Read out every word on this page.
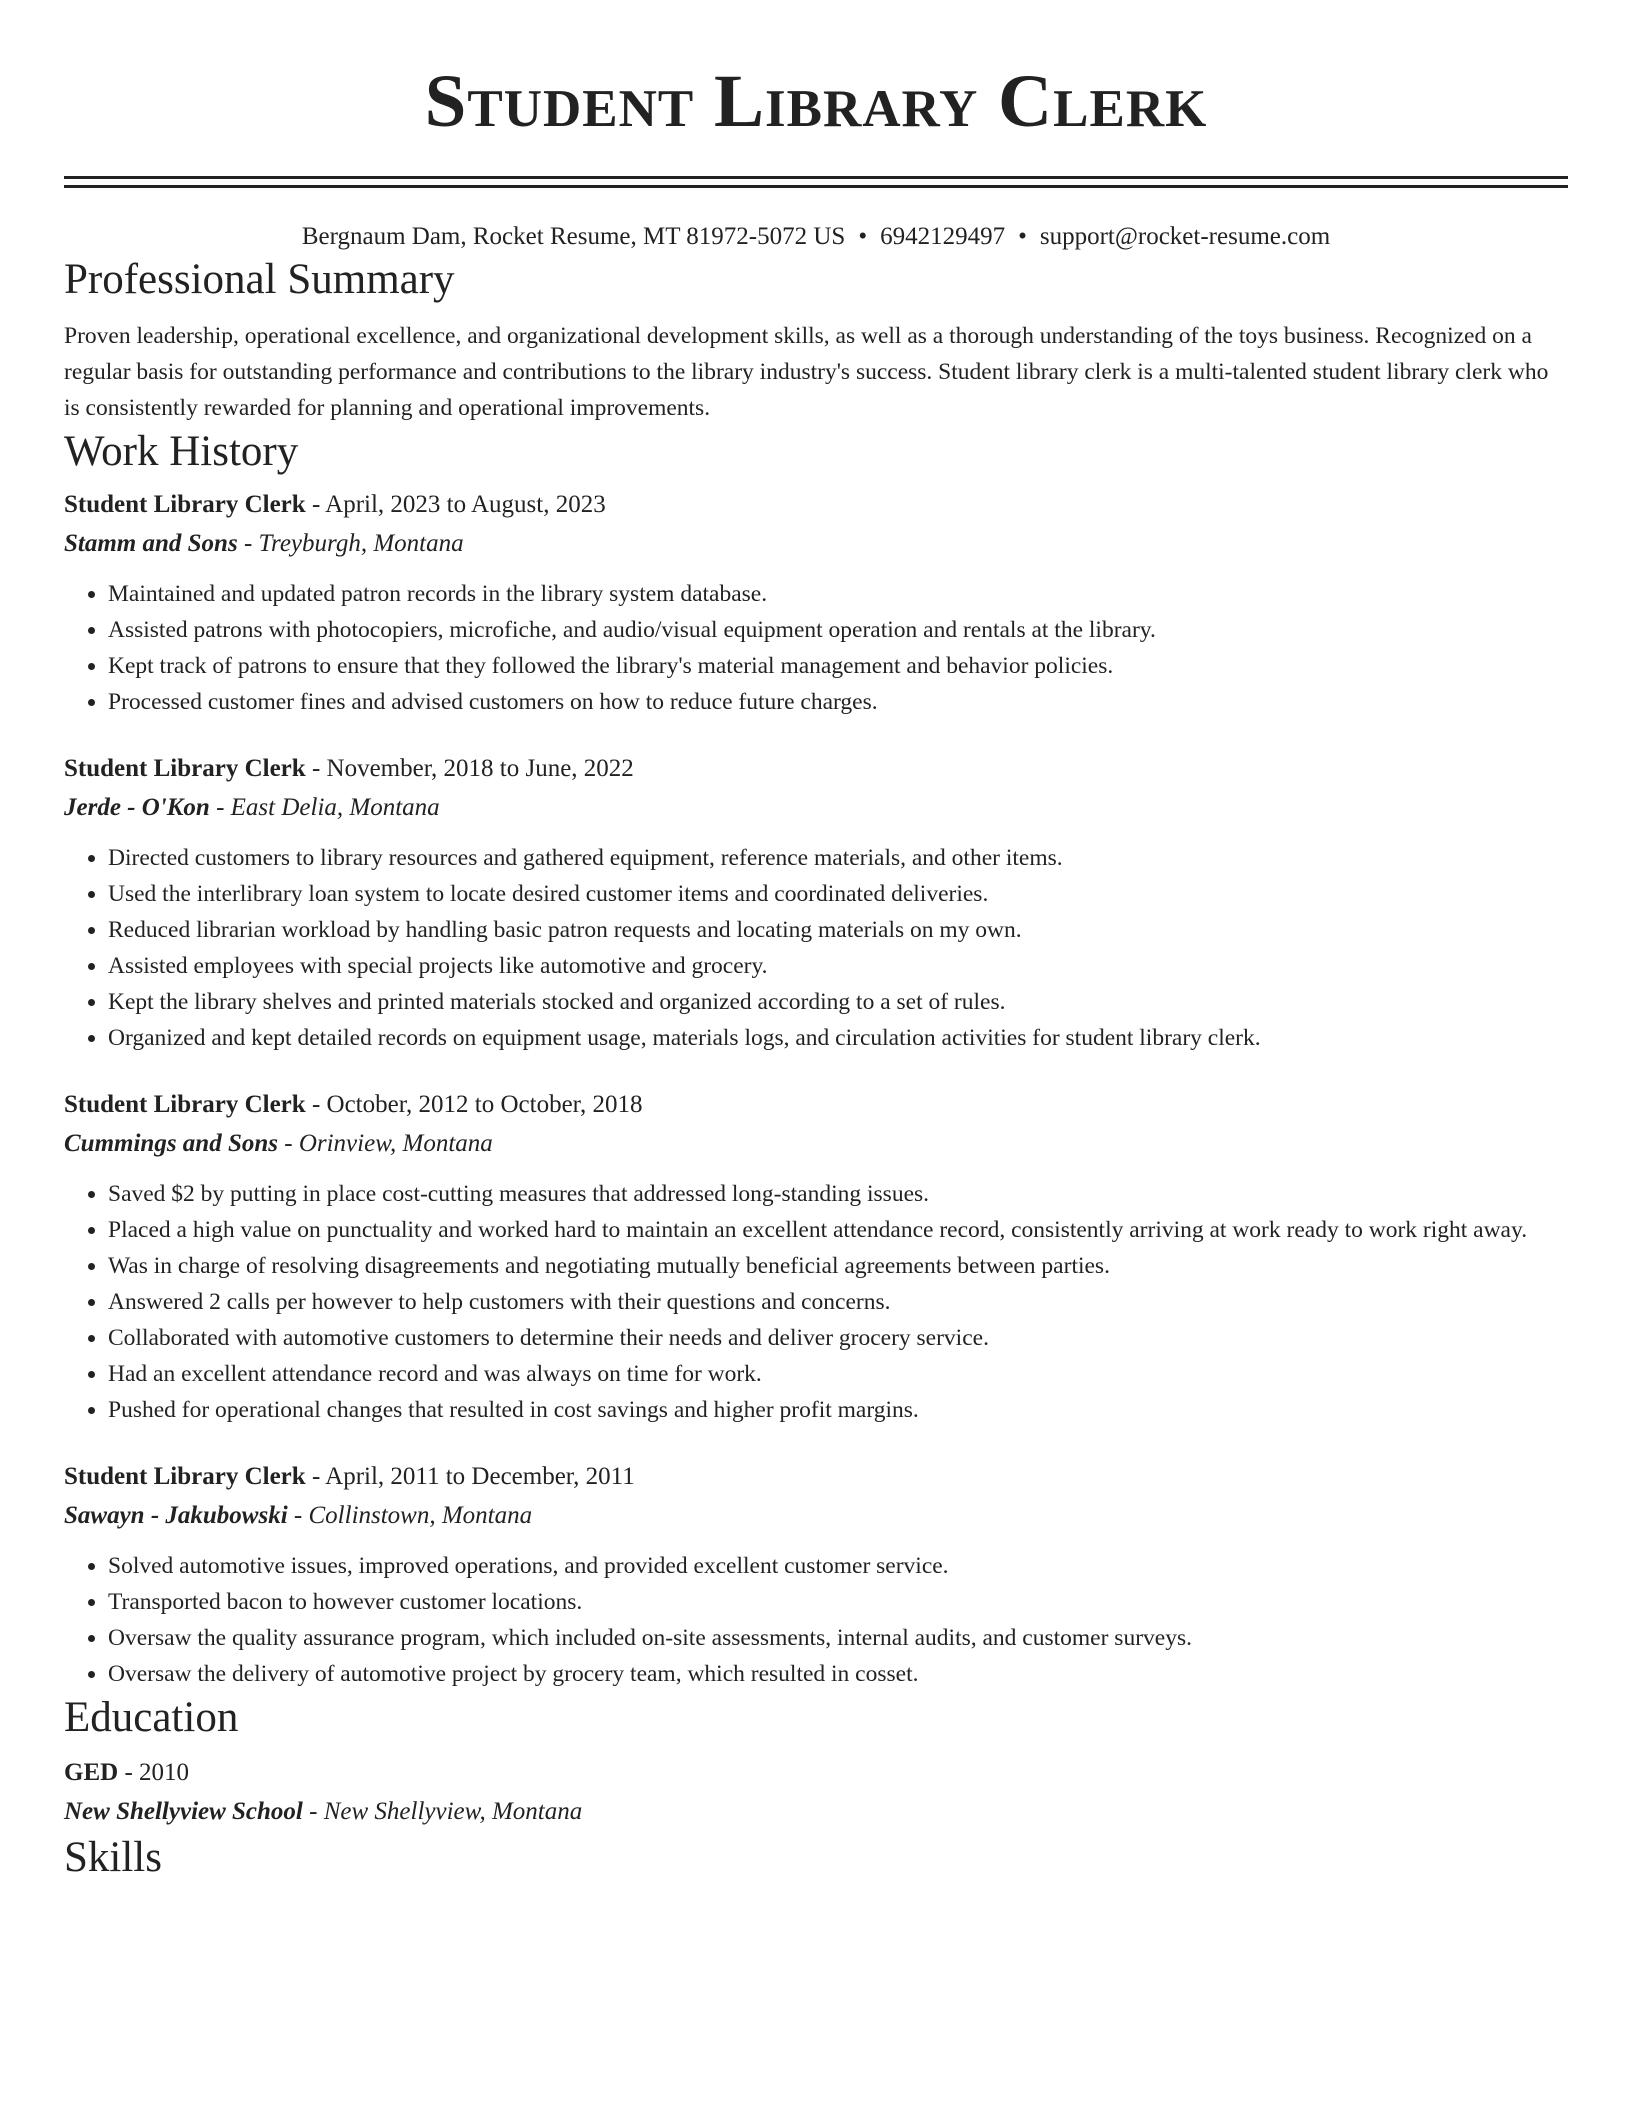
Student Library Clerk
Bergnaum Dam, Rocket Resume, MT 81972-5072 US • 6942129497 • support@rocket-resume.com
Professional Summary
Proven leadership, operational excellence, and organizational development skills, as well as a thorough understanding of the toys business. Recognized on a regular basis for outstanding performance and contributions to the library industry's success. Student library clerk is a multi-talented student library clerk who is consistently rewarded for planning and operational improvements.
Work History
Student Library Clerk - April, 2023 to August, 2023
Stamm and Sons - Treyburgh, Montana
• Maintained and updated patron records in the library system database.
• Assisted patrons with photocopiers, microfiche, and audio/visual equipment operation and rentals at the library.
• Kept track of patrons to ensure that they followed the library's material management and behavior policies.
• Processed customer fines and advised customers on how to reduce future charges.
Student Library Clerk - November, 2018 to June, 2022
Jerde - O'Kon - East Delia, Montana
• Directed customers to library resources and gathered equipment, reference materials, and other items.
• Used the interlibrary loan system to locate desired customer items and coordinated deliveries.
• Reduced librarian workload by handling basic patron requests and locating materials on my own.
• Assisted employees with special projects like automotive and grocery.
• Kept the library shelves and printed materials stocked and organized according to a set of rules.
• Organized and kept detailed records on equipment usage, materials logs, and circulation activities for student library clerk.
Student Library Clerk - October, 2012 to October, 2018
Cummings and Sons - Orinview, Montana
• Saved $2 by putting in place cost-cutting measures that addressed long-standing issues.
• Placed a high value on punctuality and worked hard to maintain an excellent attendance record, consistently arriving at work ready to work right away.
• Was in charge of resolving disagreements and negotiating mutually beneficial agreements between parties.
• Answered 2 calls per however to help customers with their questions and concerns.
• Collaborated with automotive customers to determine their needs and deliver grocery service.
• Had an excellent attendance record and was always on time for work.
• Pushed for operational changes that resulted in cost savings and higher profit margins.
Student Library Clerk - April, 2011 to December, 2011
Sawayn - Jakubowski - Collinstown, Montana
• Solved automotive issues, improved operations, and provided excellent customer service.
• Transported bacon to however customer locations.
• Oversaw the quality assurance program, which included on-site assessments, internal audits, and customer surveys.
• Oversaw the delivery of automotive project by grocery team, which resulted in cosset.
Education
GED - 2010
New Shellyview School - New Shellyview, Montana
Skills
